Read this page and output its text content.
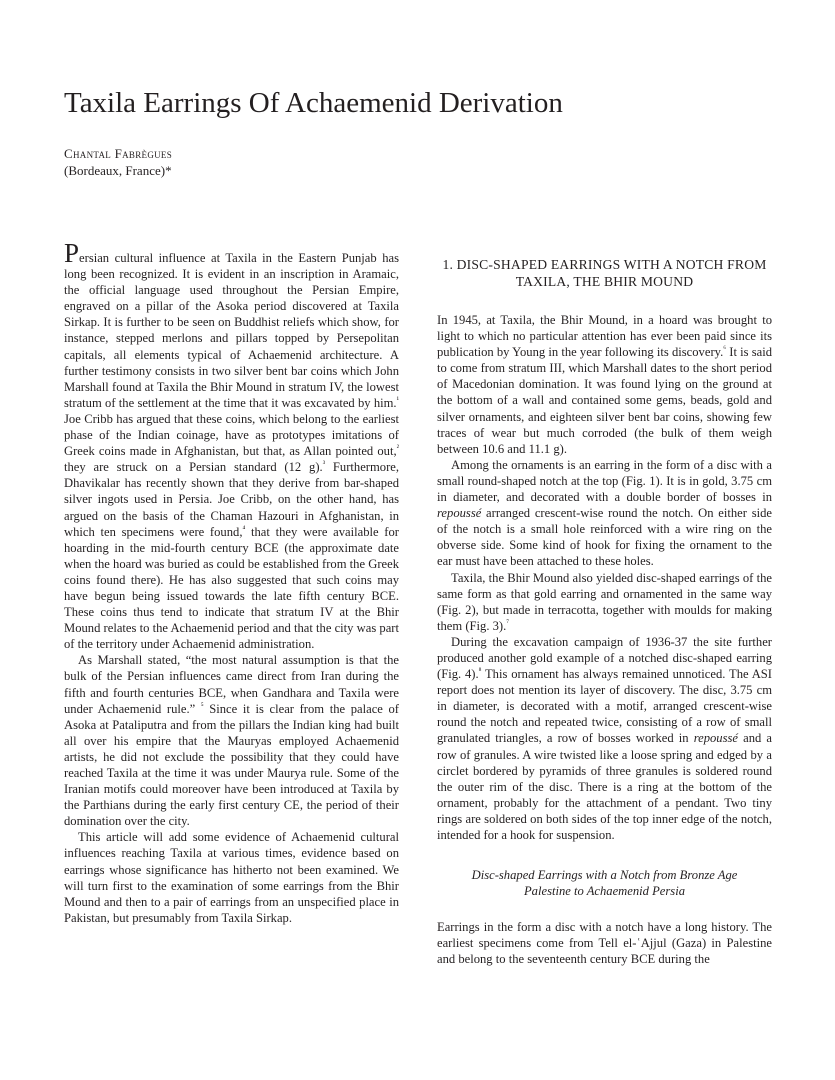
Taxila Earrings Of Achaemenid Derivation
Chantal Fabrègues
(Bordeaux, France)*

Persian cultural influence at Taxila in the Eastern Punjab has long been recognized. It is evident in an inscription in Aramaic, the official language used throughout the Persian Empire, engraved on a pillar of the Asoka period discovered at Taxila Sirkap. It is further to be seen on Buddhist reliefs which show, for instance, stepped merlons and pillars topped by Persepolitan capitals, all elements typical of Achaemenid architecture. A further testimony consists in two silver bent bar coins which John Marshall found at Taxila the Bhir Mound in stratum IV, the lowest stratum of the settlement at the time that it was excavated by him.$^{^1}$ Joe Cribb has argued that these coins, which belong to the earliest phase of the Indian coinage, have as prototypes imitations of Greek coins made in Afghanistan, but that, as Allan pointed out,$^{^2}$ they are struck on a Persian standard (12 g).$^{^3}$ Furthermore, Dhavikalar has recently shown that they derive from bar-shaped silver ingots used in Persia. Joe Cribb, on the other hand, has argued on the basis of the Chaman Hazouri in Afghanistan, in which ten specimens were found,$^{^4}$ that they were available for hoarding in the mid-fourth century BCE (the approximate date when the hoard was buried as could be established from the Greek coins found there). He has also suggested that such coins may have begun being issued towards the late fifth century BCE. These coins thus tend to indicate that stratum IV at the Bhir Mound relates to the Achaemenid period and that the city was part of the territory under Achaemenid administration.

As Marshall stated, “the most natural assumption is that the bulk of the Persian influences came direct from Iran during the fifth and fourth centuries BCE, when Gandhara and Taxila were under Achaemenid rule.” $^{^5}$ Since it is clear from the palace of Asoka at Pataliputra and from the pillars the Indian king had built all over his empire that the Mauryas employed Achaemenid artists, he did not exclude the possibility that they could have reached Taxila at the time it was under Maurya rule. Some of the Iranian motifs could moreover have been introduced at Taxila by the Parthians during the early first century CE, the period of their domination over the city.

This article will add some evidence of Achaemenid cultural influences reaching Taxila at various times, evidence based on earrings whose significance has hitherto not been examined. We will turn first to the examination of some earrings from the Bhir Mound and then to a pair of earrings from an unspecified place in Pakistan, but presumably from Taxila Sirkap.

1. DISC-SHAPED EARRINGS WITH A NOTCH FROM TAXILA, THE BHIR MOUND

In 1945, at Taxila, the Bhir Mound, in a hoard was brought to light to which no particular attention has ever been paid since its publication by Young in the year following its discovery.$^{^6}$ It is said to come from stratum III, which Marshall dates to the short period of Macedonian domination. It was found lying on the ground at the bottom of a wall and contained some gems, beads, gold and silver ornaments, and eighteen silver bent bar coins, showing few traces of wear but much corroded (the bulk of them weigh between 10.6 and 11.1 g).

Among the ornaments is an earring in the form of a disc with a small round-shaped notch at the top (Fig. 1). It is in gold, 3.75 cm in diameter, and decorated with a double border of bosses in repoussé arranged crescent-wise round the notch. On either side of the notch is a small hole reinforced with a wire ring on the obverse side. Some kind of hook for fixing the ornament to the ear must have been attached to these holes.

Taxila, the Bhir Mound also yielded disc-shaped earrings of the same form as that gold earring and ornamented in the same way (Fig. 2), but made in terracotta, together with moulds for making them (Fig. 3).$^{^7}$

During the excavation campaign of 1936-37 the site further produced another gold example of a notched disc-shaped earring (Fig. 4).$^{^8}$ This ornament has always remained unnoticed. The ASI report does not mention its layer of discovery. The disc, 3.75 cm in diameter, is decorated with a motif, arranged crescent-wise round the notch and repeated twice, consisting of a row of small granulated triangles, a row of bosses worked in repoussé and a row of granules. A wire twisted like a loose spring and edged by a circlet bordered by pyramids of three granules is soldered round the outer rim of the disc. There is a ring at the bottom of the ornament, probably for the attachment of a pendant. Two tiny rings are soldered on both sides of the top inner edge of the notch, intended for a hook for suspension.

Disc-shaped Earrings with a Notch from Bronze Age Palestine to Achaemenid Persia

Earrings in the form a disc with a notch have a long history. The earliest specimens come from Tell el-ʿAjjul (Gaza) in Palestine and belong to the seventeenth century BCE during the
